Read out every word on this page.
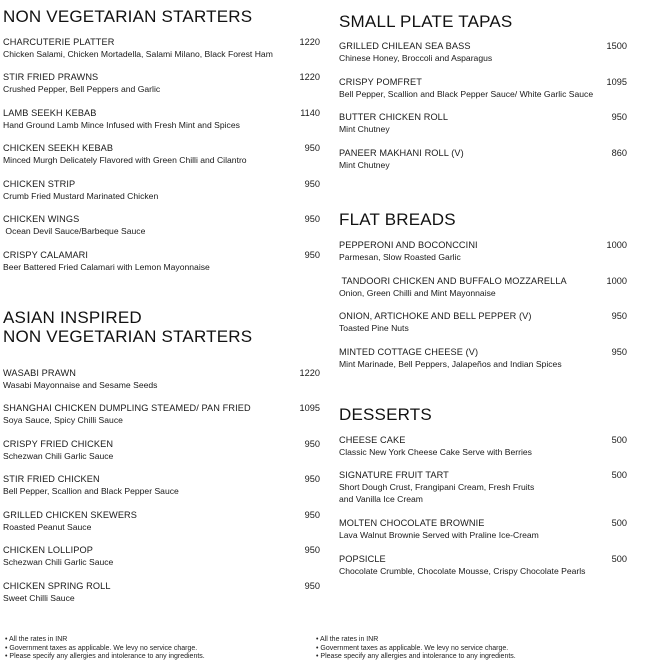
NON VEGETARIAN STARTERS
CHARCUTERIE PLATTER	1220
Chicken Salami, Chicken Mortadella, Salami Milano, Black Forest Ham
STIR FRIED PRAWNS	1220
Crushed Pepper, Bell Peppers and Garlic
LAMB SEEKH KEBAB	1140
Hand Ground Lamb Mince Infused with Fresh Mint and Spices
CHICKEN SEEKH KEBAB	950
Minced Murgh Delicately Flavored with Green Chilli and Cilantro
CHICKEN STRIP	950
Crumb Fried Mustard Marinated Chicken
CHICKEN WINGS	950
Ocean Devil Sauce/Barbeque Sauce
CRISPY CALAMARI	950
Beer Battered Fried Calamari with Lemon Mayonnaise
ASIAN INSPIRED
NON VEGETARIAN STARTERS
WASABI PRAWN	1220
Wasabi Mayonnaise and Sesame Seeds
SHANGHAI CHICKEN DUMPLING STEAMED/ PAN FRIED	1095
Soya Sauce, Spicy Chilli Sauce
CRISPY FRIED CHICKEN	950
Schezwan Chili Garlic Sauce
STIR FRIED CHICKEN	950
Bell Pepper, Scallion and Black Pepper Sauce
GRILLED CHICKEN SKEWERS	950
Roasted Peanut Sauce
CHICKEN LOLLIPOP	950
Schezwan Chili Garlic Sauce
CHICKEN SPRING ROLL	950
Sweet Chilli Sauce
SMALL PLATE TAPAS
GRILLED CHILEAN SEA BASS	1500
Chinese Honey, Broccoli and Asparagus
CRISPY POMFRET	1095
Bell Pepper, Scallion and Black Pepper Sauce/ White Garlic Sauce
BUTTER CHICKEN ROLL	950
Mint Chutney
PANEER MAKHANI ROLL (V)	860
Mint Chutney
FLAT BREADS
PEPPERONI AND BOCONCCINI	1000
Parmesan, Slow Roasted Garlic
TANDOORI CHICKEN AND BUFFALO MOZZARELLA	1000
Onion, Green Chilli and Mint Mayonnaise
ONION, ARTICHOKE AND BELL PEPPER (V)	950
Toasted Pine Nuts
MINTED COTTAGE CHEESE (V)	950
Mint Marinade, Bell Peppers, Jalapeños and Indian Spices
DESSERTS
CHEESE CAKE	500
Classic New York Cheese Cake Serve with Berries
SIGNATURE FRUIT TART	500
Short Dough Crust, Frangipani Cream, Fresh Fruits
and Vanilla Ice Cream
MOLTEN CHOCOLATE BROWNIE	500
Lava Walnut Brownie Served with Praline Ice-Cream
POPSICLE	500
Chocolate Crumble, Chocolate Mousse, Crispy Chocolate Pearls
• All the rates in INR
• Government taxes as applicable. We levy no service charge.
• Please specify any allergies and intolerance to any ingredients.
• All the rates in INR
• Government taxes as applicable. We levy no service charge.
• Please specify any allergies and intolerance to any ingredients.
